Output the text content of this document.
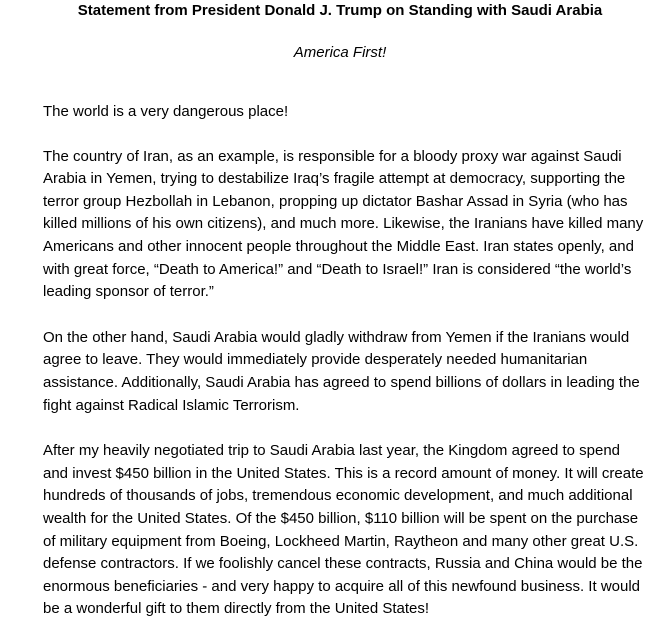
Statement from President Donald J. Trump on Standing with Saudi Arabia

America First!

The world is a very dangerous place!

The country of Iran, as an example, is responsible for a bloody proxy war against Saudi Arabia in Yemen, trying to destabilize Iraq’s fragile attempt at democracy, supporting the terror group Hezbollah in Lebanon, propping up dictator Bashar Assad in Syria (who has killed millions of his own citizens), and much more. Likewise, the Iranians have killed many Americans and other innocent people throughout the Middle East. Iran states openly, and with great force, “Death to America!” and “Death to Israel!” Iran is considered “the world’s leading sponsor of terror.”

On the other hand, Saudi Arabia would gladly withdraw from Yemen if the Iranians would agree to leave. They would immediately provide desperately needed humanitarian assistance. Additionally, Saudi Arabia has agreed to spend billions of dollars in leading the fight against Radical Islamic Terrorism.

After my heavily negotiated trip to Saudi Arabia last year, the Kingdom agreed to spend and invest $450 billion in the United States. This is a record amount of money. It will create hundreds of thousands of jobs, tremendous economic development, and much additional wealth for the United States. Of the $450 billion, $110 billion will be spent on the purchase of military equipment from Boeing, Lockheed Martin, Raytheon and many other great U.S. defense contractors. If we foolishly cancel these contracts, Russia and China would be the enormous beneficiaries - and very happy to acquire all of this newfound business. It would be a wonderful gift to them directly from the United States!
